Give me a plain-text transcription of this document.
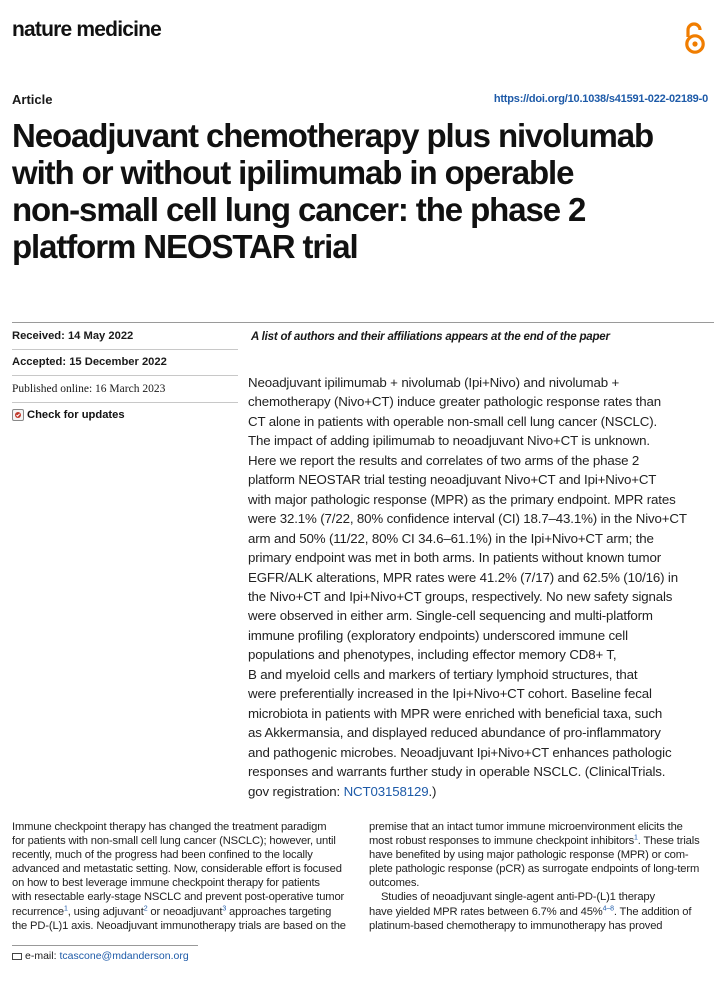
nature medicine
Article	https://doi.org/10.1038/s41591-022-02189-0
Neoadjuvant chemotherapy plus nivolumab
with or without ipilimumab in operable
non-small cell lung cancer: the phase 2
platform NEOSTAR trial
Received: 14 May 2022
Accepted: 15 December 2022
Published online: 16 March 2023
Check for updates
A list of authors and their affiliations appears at the end of the paper
Neoadjuvant ipilimumab + nivolumab (Ipi+Nivo) and nivolumab +
chemotherapy (Nivo+CT) induce greater pathologic response rates than
CT alone in patients with operable non-small cell lung cancer (NSCLC).
The impact of adding ipilimumab to neoadjuvant Nivo+CT is unknown.
Here we report the results and correlates of two arms of the phase 2
platform NEOSTAR trial testing neoadjuvant Nivo+CT and Ipi+Nivo+CT
with major pathologic response (MPR) as the primary endpoint. MPR rates
were 32.1% (7/22, 80% confidence interval (CI) 18.7–43.1%) in the Nivo+CT
arm and 50% (11/22, 80% CI 34.6–61.1%) in the Ipi+Nivo+CT arm; the
primary endpoint was met in both arms. In patients without known tumor
EGFR/ALK alterations, MPR rates were 41.2% (7/17) and 62.5% (10/16) in
the Nivo+CT and Ipi+Nivo+CT groups, respectively. No new safety signals
were observed in either arm. Single-cell sequencing and multi-platform
immune profiling (exploratory endpoints) underscored immune cell
populations and phenotypes, including effector memory CD8+ T,
B and myeloid cells and markers of tertiary lymphoid structures, that
were preferentially increased in the Ipi+Nivo+CT cohort. Baseline fecal
microbiota in patients with MPR were enriched with beneficial taxa, such
as Akkermansia, and displayed reduced abundance of pro-inflammatory
and pathogenic microbes. Neoadjuvant Ipi+Nivo+CT enhances pathologic
responses and warrants further study in operable NSCLC. (ClinicalTrials.
gov registration: NCT03158129.)
Immune checkpoint therapy has changed the treatment paradigm
for patients with non-small cell lung cancer (NSCLC); however, until
recently, much of the progress had been confined to the locally
advanced and metastatic setting. Now, considerable effort is focused
on how to best leverage immune checkpoint therapy for patients
with resectable early-stage NSCLC and prevent post-operative tumor
recurrence$^1$, using adjuvant$^2$ or neoadjuvant$^3$ approaches targeting
the PD-(L)1 axis. Neoadjuvant immunotherapy trials are based on the
premise that an intact tumor immune microenvironment elicits the
most robust responses to immune checkpoint inhibitors$^1$. These trials
have benefited by using major pathologic response (MPR) or com-
plete pathologic response (pCR) as surrogate endpoints of long-term
outcomes.
Studies of neoadjuvant single-agent anti-PD-(L)1 therapy
have yielded MPR rates between 6.7% and 45%$^{4-8}$. The addition of
platinum-based chemotherapy to immunotherapy has proved
e-mail: tcascone@mdanderson.org
